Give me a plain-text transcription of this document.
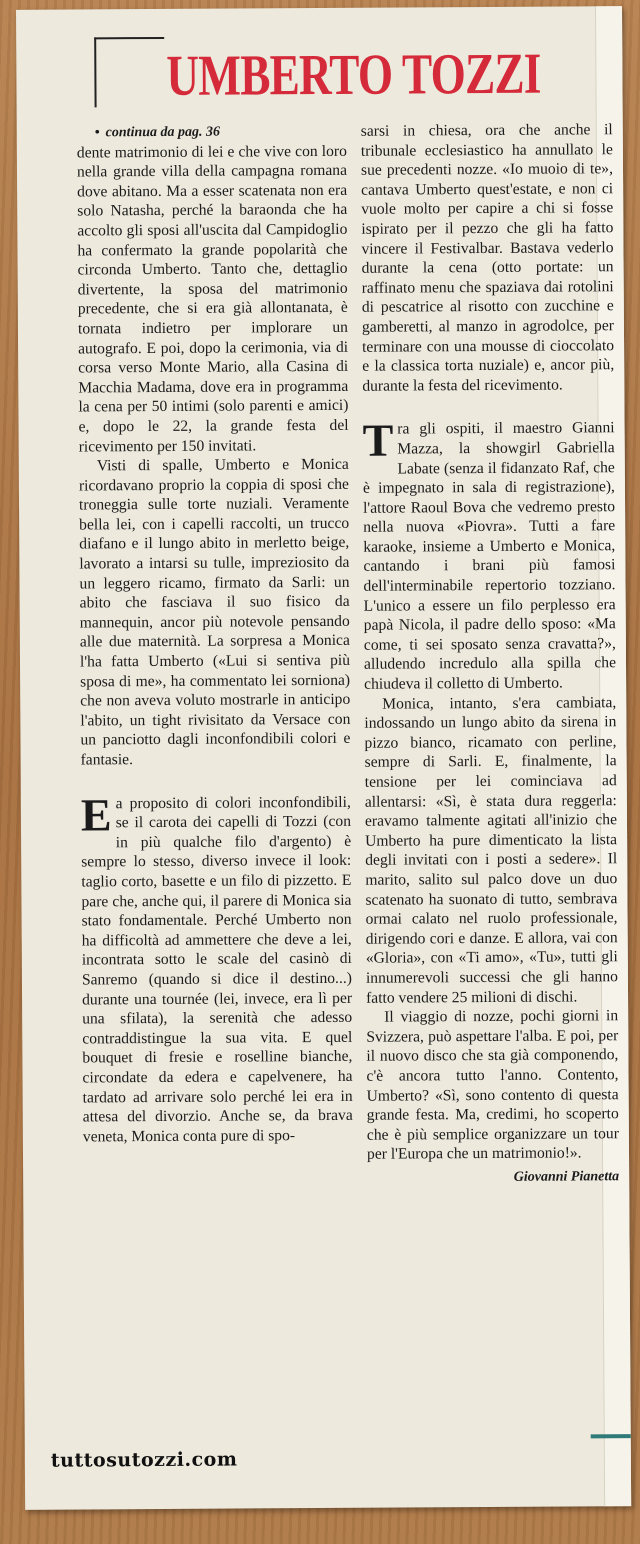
UMBERTO TOZZI

• continua da pag. 36

dente matrimonio di lei e che vive con loro nella grande villa della campagna romana dove abitano. Ma a esser scatenata non era solo Natasha, perché la baraonda che ha accolto gli sposi all'uscita dal Campidoglio ha confermato la grande popolarità che circonda Umberto. Tanto che, dettaglio divertente, la sposa del matrimonio precedente, che si era già allontanata, è tornata indietro per implorare un autografo. E poi, dopo la cerimonia, via di corsa verso Monte Mario, alla Casina di Macchia Madama, dove era in programma la cena per 50 intimi (solo parenti e amici) e, dopo le 22, la grande festa del ricevimento per 150 invitati.

Visti di spalle, Umberto e Monica ricordavano proprio la coppia di sposi che troneggia sulle torte nuziali. Veramente bella lei, con i capelli raccolti, un trucco diafano e il lungo abito in merletto beige, lavorato a intarsi su tulle, impreziosito da un leggero ricamo, firmato da Sarli: un abito che fasciava il suo fisico da mannequin, ancor più notevole pensando alle due maternità. La sorpresa a Monica l'ha fatta Umberto («Lui si sentiva più sposa di me», ha commentato lei sorniona) che non aveva voluto mostrarle in anticipo l'abito, un tight rivisitato da Versace con un panciotto dagli inconfondibili colori e fantasie.

Ea proposito di colori inconfondibili, se il carota dei capelli di Tozzi (con in più qualche filo d'argento) è sempre lo stesso, diverso invece il look: taglio corto, basette e un filo di pizzetto. E pare che, anche qui, il parere di Monica sia stato fondamentale. Perché Umberto non ha difficoltà ad ammettere che deve a lei, incontrata sotto le scale del casinò di Sanremo (quando si dice il destino...) durante una tournée (lei, invece, era lì per una sfilata), la serenità che adesso contraddistingue la sua vita. E quel bouquet di fresie e roselline bianche, circondate da edera e capelvenere, ha tardato ad arrivare solo perché lei era in attesa del divorzio. Anche se, da brava veneta, Monica conta pure di spo-

sarsi in chiesa, ora che anche il tribunale ecclesiastico ha annullato le sue precedenti nozze. «Io muoio di te», cantava Umberto quest'estate, e non ci vuole molto per capire a chi si fosse ispirato per il pezzo che gli ha fatto vincere il Festivalbar. Bastava vederlo durante la cena (otto portate: un raffinato menu che spaziava dai rotolini di pescatrice al risotto con zucchine e gamberetti, al manzo in agrodolce, per terminare con una mousse di cioccolato e la classica torta nuziale) e, ancor più, durante la festa del ricevimento.

Tra gli ospiti, il maestro Gianni Mazza, la showgirl Gabriella Labate (senza il fidanzato Raf, che è impegnato in sala di registrazione), l'attore Raoul Bova che vedremo presto nella nuova «Piovra». Tutti a fare karaoke, insieme a Umberto e Monica, cantando i brani più famosi dell'interminabile repertorio tozziano. L'unico a essere un filo perplesso era papà Nicola, il padre dello sposo: «Ma come, ti sei sposato senza cravatta?», alludendo incredulo alla spilla che chiudeva il colletto di Umberto.

Monica, intanto, s'era cambiata, indossando un lungo abito da sirena in pizzo bianco, ricamato con perline, sempre di Sarli. E, finalmente, la tensione per lei cominciava ad allentarsi: «Sì, è stata dura reggerla: eravamo talmente agitati all'inizio che Umberto ha pure dimenticato la lista degli invitati con i posti a sedere». Il marito, salito sul palco dove un duo scatenato ha suonato di tutto, sembrava ormai calato nel ruolo professionale, dirigendo cori e danze. E allora, vai con «Gloria», con «Ti amo», «Tu», tutti gli innumerevoli successi che gli hanno fatto vendere 25 milioni di dischi.

Il viaggio di nozze, pochi giorni in Svizzera, può aspettare l'alba. E poi, per il nuovo disco che sta già componendo, c'è ancora tutto l'anno. Contento, Umberto? «Sì, sono contento di questa grande festa. Ma, credimi, ho scoperto che è più semplice organizzare un tour per l'Europa che un matrimonio!».

Giovanni Pianetta
tuttosutozzi.com
